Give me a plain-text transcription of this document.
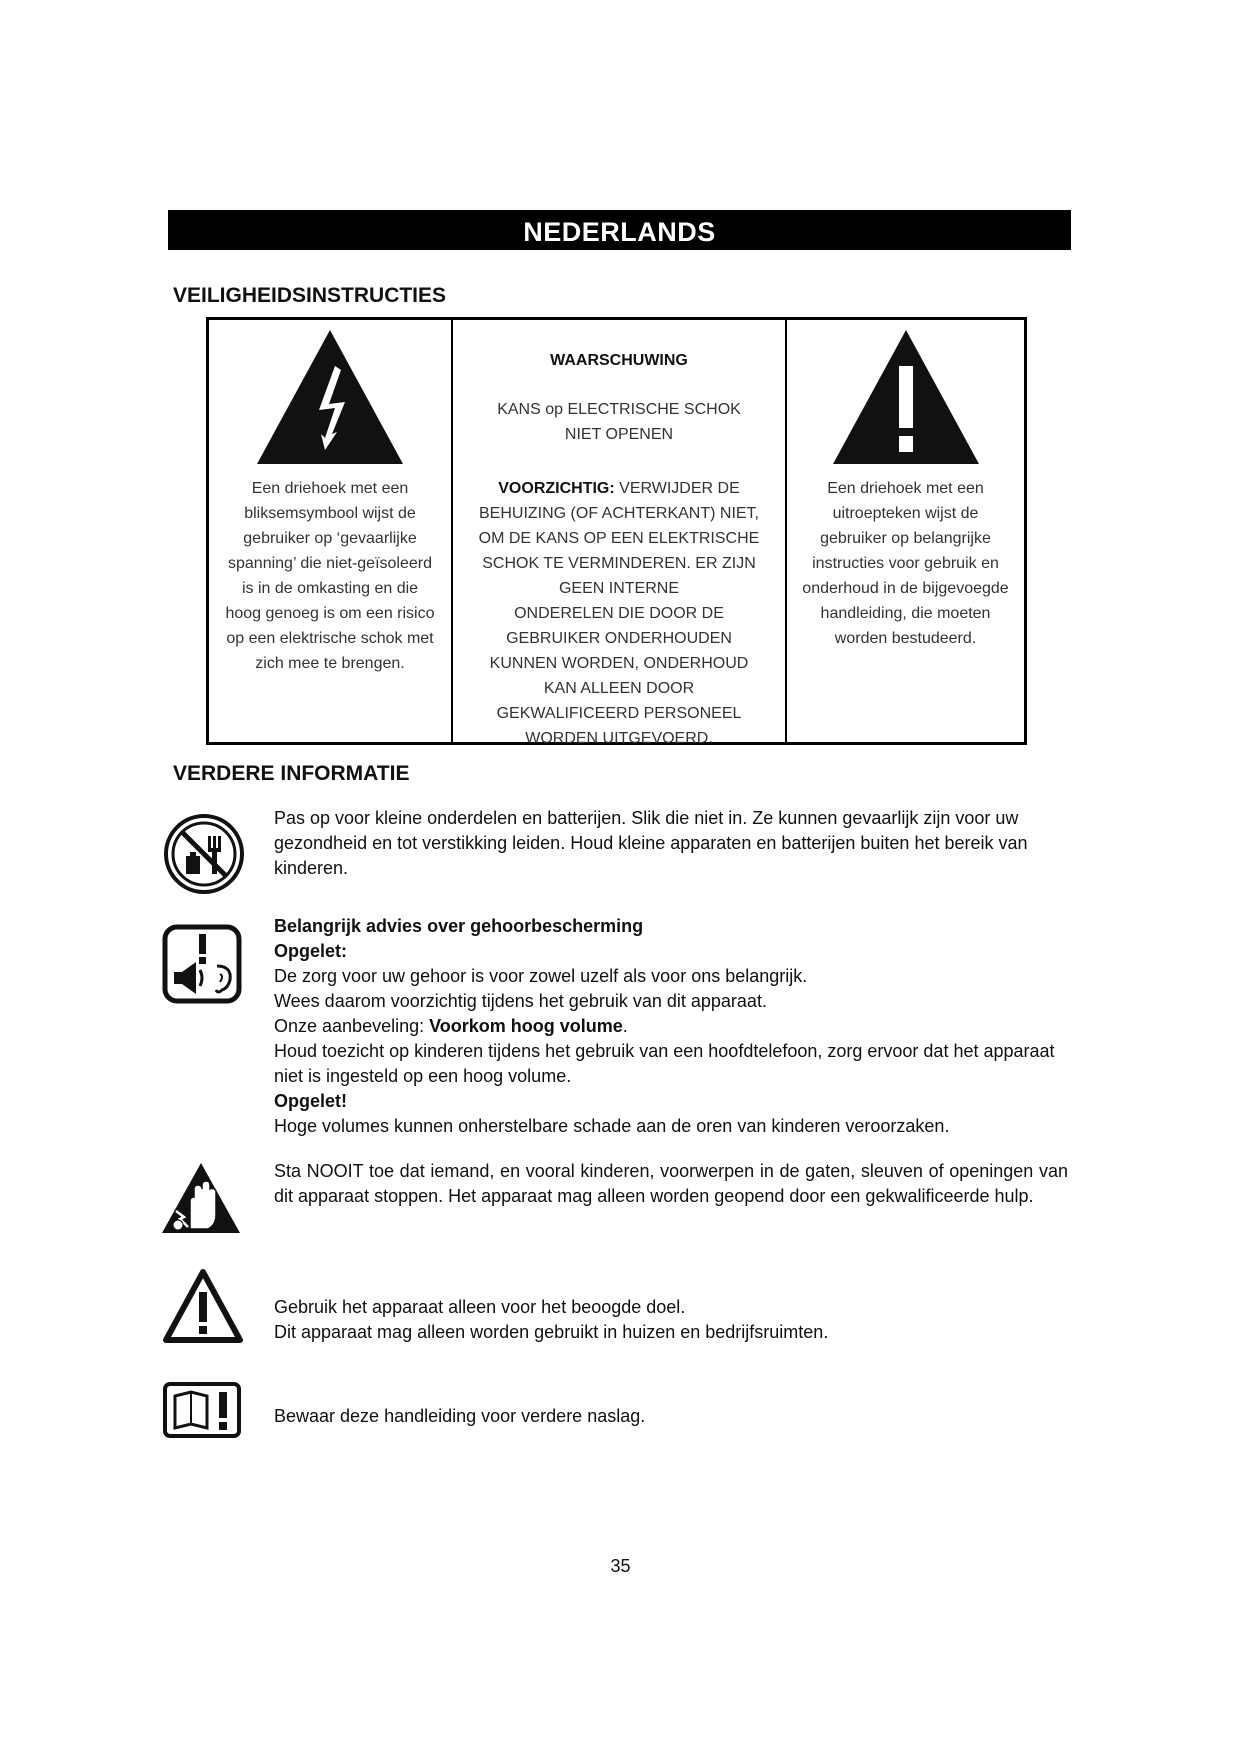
NEDERLANDS
VEILIGHEIDSINSTRUCTIES
Een driehoek met een
bliksemsymbool wijst de
gebruiker op ‘gevaarlijke
spanning’ die niet-geïsoleerd
is in de omkasting en die
hoog genoeg is om een risico
op een elektrische schok met
zich mee te brengen.
WAARSCHUWING
KANS op ELECTRISCHE SCHOK
NIET OPENEN
VOORZICHTIG: VERWIJDER DE
BEHUIZING (OF ACHTERKANT) NIET,
OM DE KANS OP EEN ELEKTRISCHE
SCHOK TE VERMINDEREN. ER ZIJN
GEEN INTERNE
ONDERELEN DIE DOOR DE
GEBRUIKER ONDERHOUDEN
KUNNEN WORDEN, ONDERHOUD
KAN ALLEEN DOOR
GEKWALIFICEERD PERSONEEL
WORDEN UITGEVOERD.
Een driehoek met een
uitroepteken wijst de
gebruiker op belangrijke
instructies voor gebruik en
onderhoud in de bijgevoegde
handleiding, die moeten
worden bestudeerd.
VERDERE INFORMATIE
Pas op voor kleine onderdelen en batterijen. Slik die niet in. Ze kunnen gevaarlijk zijn voor uw gezondheid en tot verstikking leiden. Houd kleine apparaten en batterijen buiten het bereik van kinderen.
Belangrijk advies over gehoorbescherming
Opgelet:
De zorg voor uw gehoor is voor zowel uzelf als voor ons belangrijk.
Wees daarom voorzichtig tijdens het gebruik van dit apparaat.
Onze aanbeveling: Voorkom hoog volume.
Houd toezicht op kinderen tijdens het gebruik van een hoofdtelefoon, zorg ervoor dat het apparaat niet is ingesteld op een hoog volume.
Opgelet!
Hoge volumes kunnen onherstelbare schade aan de oren van kinderen veroorzaken.
Sta NOOIT toe dat iemand, en vooral kinderen, voorwerpen in de gaten, sleuven of openingen van dit apparaat stoppen. Het apparaat mag alleen worden geopend door een gekwalificeerde hulp.
Gebruik het apparaat alleen voor het beoogde doel.
Dit apparaat mag alleen worden gebruikt in huizen en bedrijfsruimten.
Bewaar deze handleiding voor verdere naslag.
35
